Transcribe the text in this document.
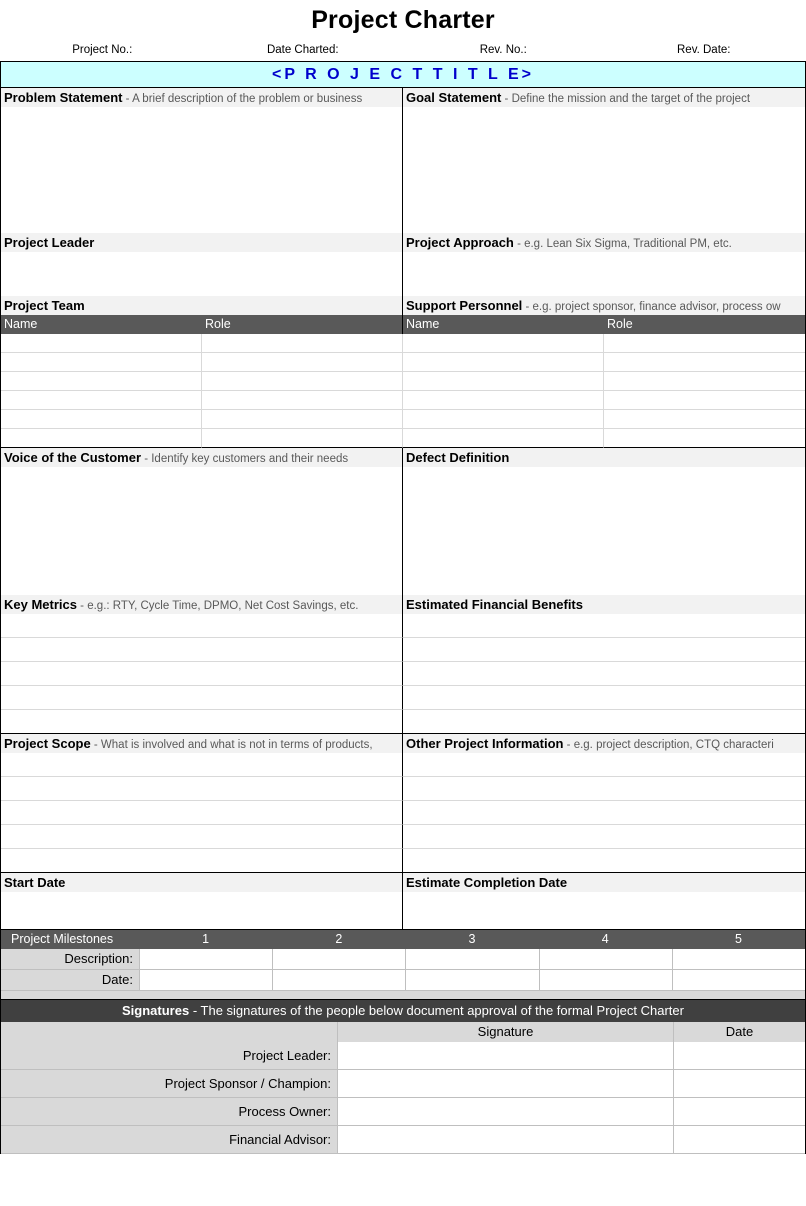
Project Charter
Project No.:	Date Charted:	Rev. No.:	Rev. Date:
<P R O J E C T T I T L E>
Problem Statement - A brief description of the problem or business	Goal Statement - Define the mission and the target of the project
Project Leader	Project Approach - e.g. Lean Six Sigma, Traditional PM, etc.
Project Team	Support Personnel - e.g. project sponsor, finance advisor, process ow
Name	Role	Name	Role
Voice of the Customer - Identify key customers and their needs	Defect Definition
Key Metrics - e.g.: RTY, Cycle Time, DPMO, Net Cost Savings, etc.	Estimated Financial Benefits
Project Scope - What is involved and what is not in terms of products,	Other Project Information - e.g. project description, CTQ characteri
Start Date	Estimate Completion Date
Project Milestones	1	2	3	4	5
Description:
Date:
Signatures - The signatures of the people below document approval of the formal Project Charter
Signature	Date
Project Leader:
Project Sponsor / Champion:
Process Owner:
Financial Advisor:
